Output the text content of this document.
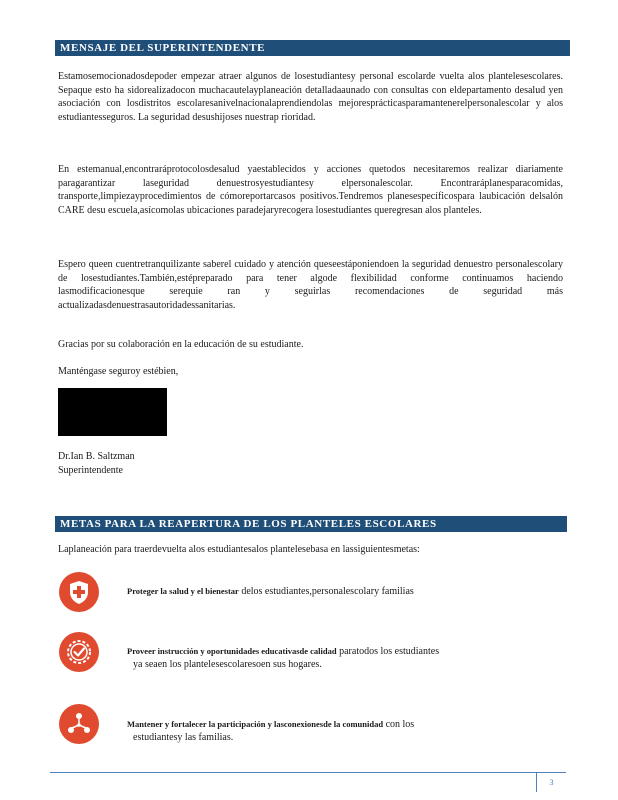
MENSAJE DEL SUPERINTENDENTE
Estamosemocionadosdepoder empezar atraer algunos de losestudiantesy personal escolarde vuelta alos plantelesescolares. Sepaque esto ha sidorealizadocon muchacautelayplaneación detalladaaunado con consultas con eldepartamento desalud yen asociación con losdistritos escolaresanivelnacionalaprendiendolas mejoresprácticasparamantenerelpersonalescolar y alos estudiantesseguros. La seguridad desushijoses nuestrap rioridad.
En estemanual,encontraráprotocolosdesalud yaestablecidos y acciones quetodos necesitaremos realizar diariamente paragarantizar laseguridad denuestrosyestudiantesy elpersonalescolar. Encontraráplanesparacomidas, transporte,limpiezayprocedimientos de cómoreportarcasos positivos.Tendremos planesespecíficospara laubicación delsalón CARE desu escuela,asícomolas ubicaciones paradejaryrecogera losestudiantes queregresan alos planteles.
Espero queen cuentretranquilizante saberel cuidado y atención queseestáponiendoen la seguridad denuestro personalescolary de losestudiantes.También,estépreparado para tener algode flexibilidad conforme continuamos haciendo lasmodificacionesque serequie ran y seguirlas recomendaciones de seguridad más actualizadasdenuestrasautoridadessanitarias.
Gracias por su colaboración en la educación de su estudiante.
Manténgase seguroy estébien,
Dr.Ian B. Saltzman
Superintendente
METAS PARA LA REAPERTURA DE LOS PLANTELES ESCOLARES
Laplaneación para traerdevuelta alos estudiantesalos plantelesebasa en lassiguientesmetas:
Proteger la salud y el bienestar delos estudiantes,personalescolary familias
Proveer instrucción y oportunidades educativasde calidad paratodos los estudiantes
ya seaen los plantelesescolaresoen sus hogares.
Mantener y fortalecer la participación y lasconexionesde la comunidad con los
estudiantesy las familias.
3
